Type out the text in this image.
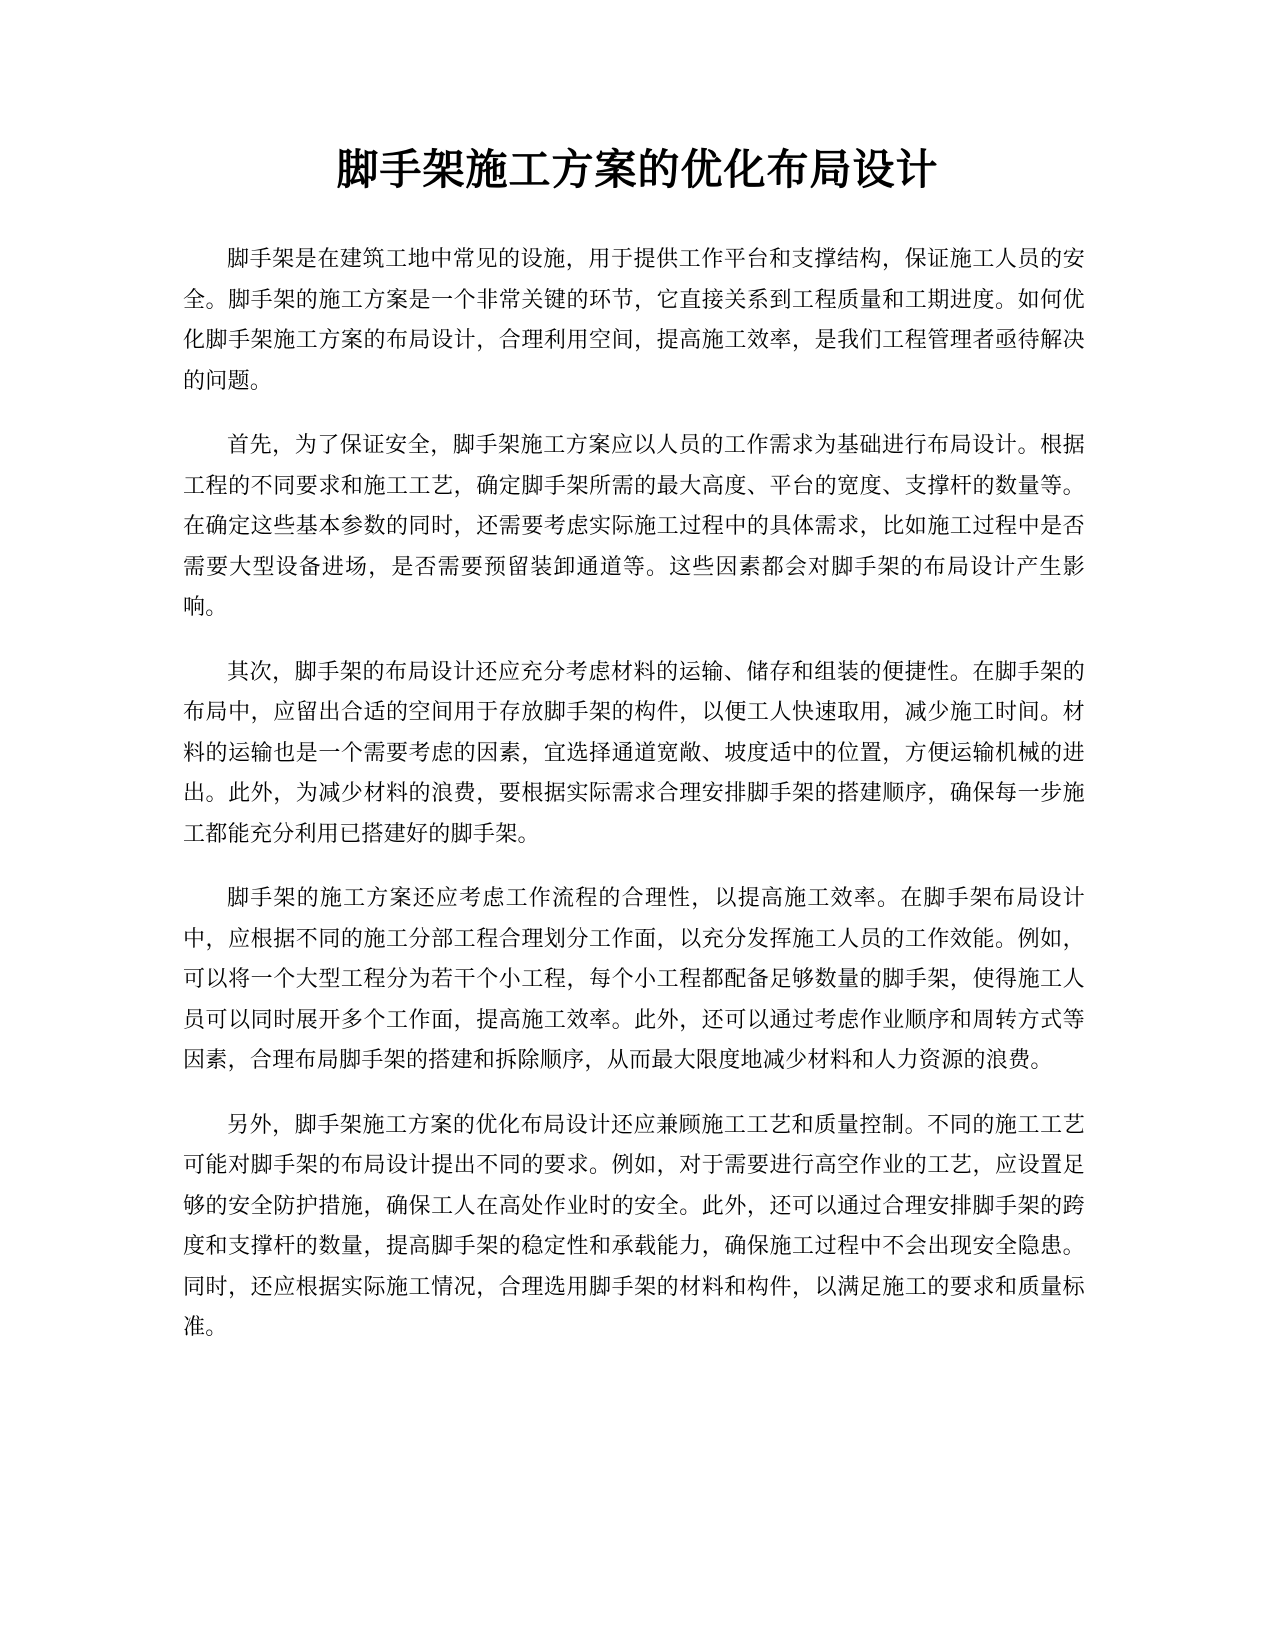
脚手架施工方案的优化布局设计

脚手架是在建筑工地中常见的设施，用于提供工作平台和支撑结构，保证施工人员的安全。脚手架的施工方案是一个非常关键的环节，它直接关系到工程质量和工期进度。如何优化脚手架施工方案的布局设计，合理利用空间，提高施工效率，是我们工程管理者亟待解决的问题。

首先，为了保证安全，脚手架施工方案应以人员的工作需求为基础进行布局设计。根据工程的不同要求和施工工艺，确定脚手架所需的最大高度、平台的宽度、支撑杆的数量等。在确定这些基本参数的同时，还需要考虑实际施工过程中的具体需求，比如施工过程中是否需要大型设备进场，是否需要预留装卸通道等。这些因素都会对脚手架的布局设计产生影响。

其次，脚手架的布局设计还应充分考虑材料的运输、储存和组装的便捷性。在脚手架的布局中，应留出合适的空间用于存放脚手架的构件，以便工人快速取用，减少施工时间。材料的运输也是一个需要考虑的因素，宜选择通道宽敞、坡度适中的位置，方便运输机械的进出。此外，为减少材料的浪费，要根据实际需求合理安排脚手架的搭建顺序，确保每一步施工都能充分利用已搭建好的脚手架。

脚手架的施工方案还应考虑工作流程的合理性，以提高施工效率。在脚手架布局设计中，应根据不同的施工分部工程合理划分工作面，以充分发挥施工人员的工作效能。例如，可以将一个大型工程分为若干个小工程，每个小工程都配备足够数量的脚手架，使得施工人员可以同时展开多个工作面，提高施工效率。此外，还可以通过考虑作业顺序和周转方式等因素，合理布局脚手架的搭建和拆除顺序，从而最大限度地减少材料和人力资源的浪费。

另外，脚手架施工方案的优化布局设计还应兼顾施工工艺和质量控制。不同的施工工艺可能对脚手架的布局设计提出不同的要求。例如，对于需要进行高空作业的工艺，应设置足够的安全防护措施，确保工人在高处作业时的安全。此外，还可以通过合理安排脚手架的跨度和支撑杆的数量，提高脚手架的稳定性和承载能力，确保施工过程中不会出现安全隐患。同时，还应根据实际施工情况，合理选用脚手架的材料和构件，以满足施工的要求和质量标准。
